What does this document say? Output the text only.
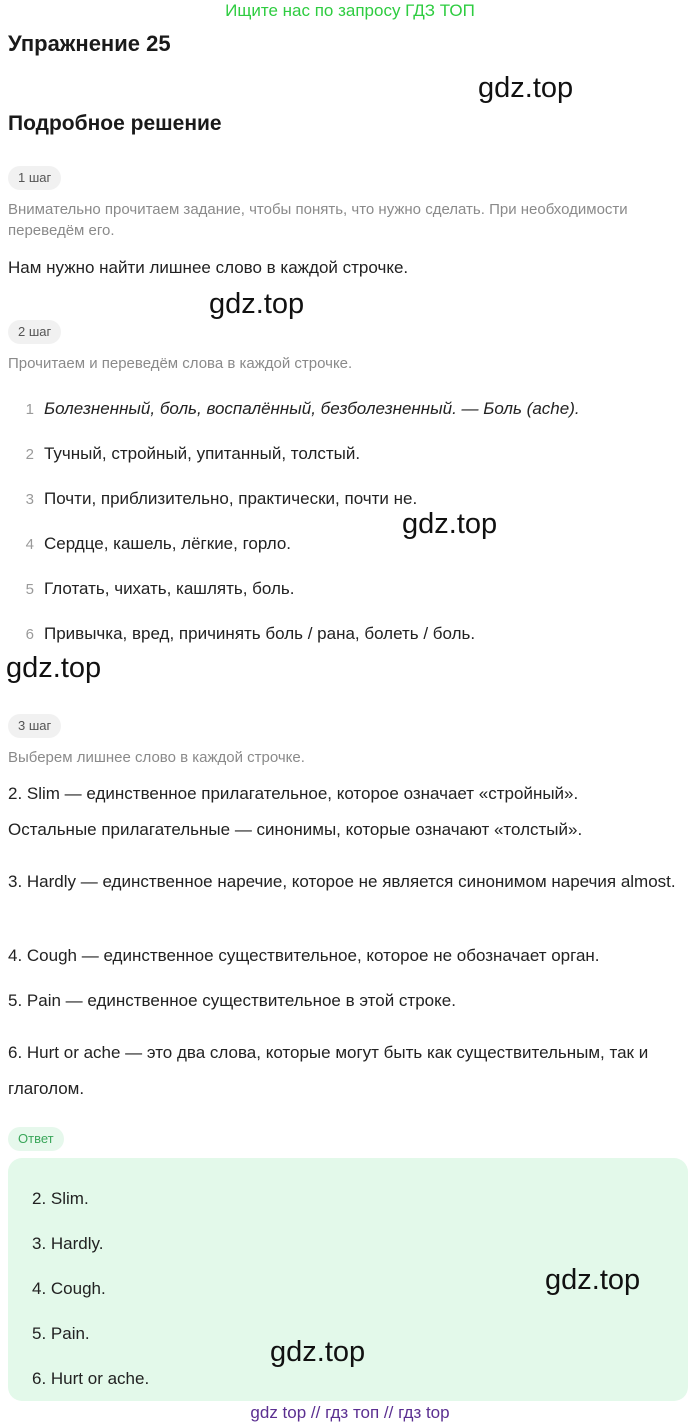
Ищите нас по запросу ГДЗ ТОП
Упражнение 25
gdz.top
Подробное решение
1 шаг
Внимательно прочитаем задание, чтобы понять, что нужно сделать. При необходимости переведём его.
Нам нужно найти лишнее слово в каждой строчке.
gdz.top
2 шаг
Прочитаем и переведём слова в каждой строчке.
1 Болезненный, боль, воспалённый, безболезненный. — Боль (ache).
2 Тучный, стройный, упитанный, толстый.
3 Почти, приблизительно, практически, почти не.
gdz.top
4 Сердце, кашель, лёгкие, горло.
5 Глотать, чихать, кашлять, боль.
6 Привычка, вред, причинять боль / рана, болеть / боль.
gdz.top
3 шаг
Выберем лишнее слово в каждой строчке.
2. Slim — единственное прилагательное, которое означает «стройный».
Остальные прилагательные — синонимы, которые означают «толстый».
3. Hardly — единственное наречие, которое не является синонимом наречия almost.
4. Cough — единственное существительное, которое не обозначает орган.
5. Pain — единственное существительное в этой строке.
6. Hurt or ache — это два слова, которые могут быть как существительным, так и глаголом.
Ответ
2. Slim.
3. Hardly.
gdz.top
4. Cough.
5. Pain.
gdz.top
6. Hurt or ache.
gdz top // гдз топ // гдз top
